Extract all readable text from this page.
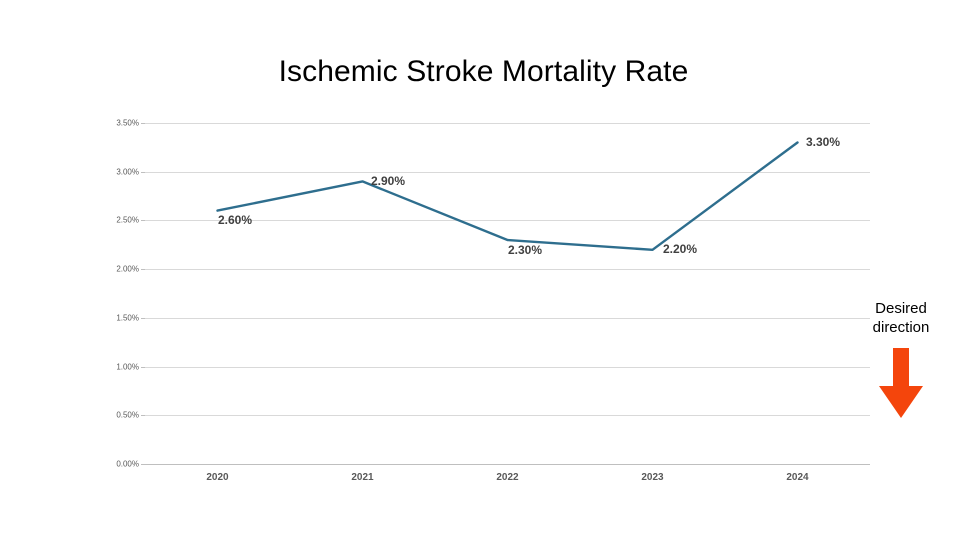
Ischemic Stroke Mortality Rate
3.50%
3.00%
2.50%
2.00%
1.50%
1.00%
0.50%
0.00%
2.60%
2.90%
2.30%	2.20%
3.30%
2020	2021	2022	2023	2024
Desired direction
